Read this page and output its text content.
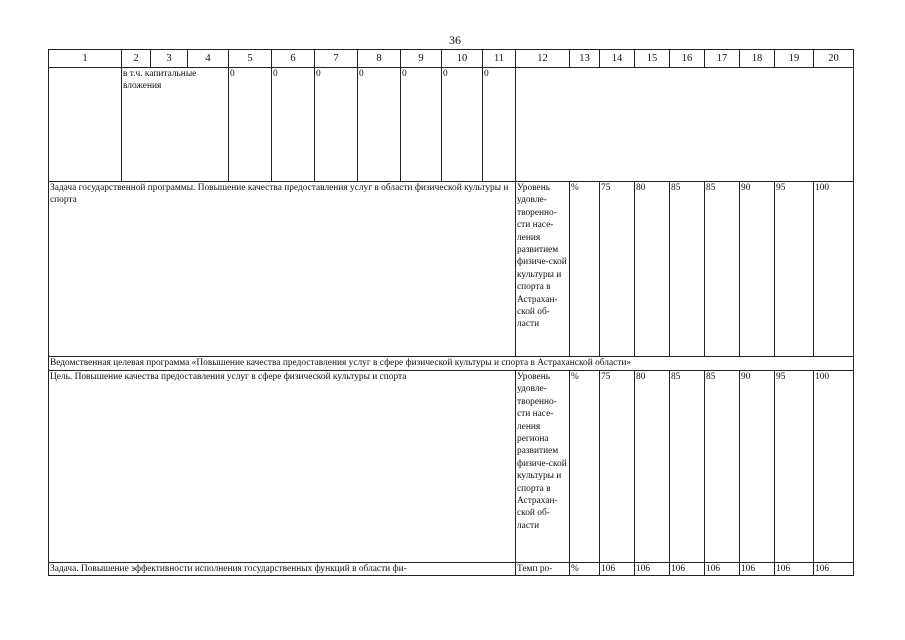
36
1	2	3	4	5	6	7	8	9	10	11	12	13	14	15	16	17	18	19	20
	в т.ч. капитальные вложения			0	0	0	0	0	0	0									
Задача государственной программы. Повышение качества предоставления услуг в области физической культуры и спорта											Уровень удовле-творенно-сти насе-ления развитием физиче-ской культуры и спорта в Астрахан-ской об-ласти	%	75	80	85	85	90	95	100
Ведомственная целевая программа «Повышение качества предоставления услуг в сфере физической культуры и спорта в Астраханской области»																			
Цель. Повышение качества предоставления услуг в сфере физической культуры и спорта											Уровень удовле-творенно-сти насе-ления региона развитием физиче-ской культуры и спорта в Астрахан-ской об-ласти	%	75	80	85	85	90	95	100
Задача. Повышение эффективности исполнения государственных функций в области фи-											Темп ро-	%	106	106	106	106	106	106	106
